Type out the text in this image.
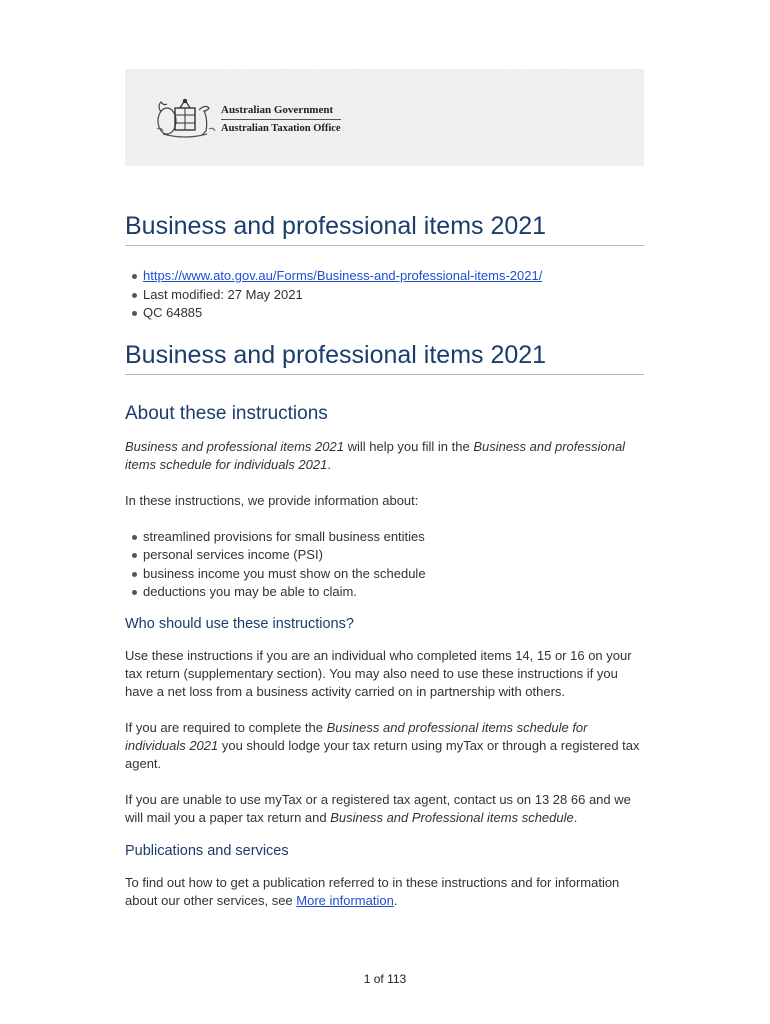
Australian Government
Australian Taxation Office
Business and professional items 2021
https://www.ato.gov.au/Forms/Business-and-professional-items-2021/
Last modified: 27 May 2021
QC 64885
Business and professional items 2021
About these instructions

Business and professional items 2021 will help you fill in the Business and professional items schedule for individuals 2021.

In these instructions, we provide information about:

streamlined provisions for small business entities
personal services income (PSI)
business income you must show on the schedule
deductions you may be able to claim.
Who should use these instructions?

Use these instructions if you are an individual who completed items 14, 15 or 16 on your tax return (supplementary section). You may also need to use these instructions if you have a net loss from a business activity carried on in partnership with others.

If you are required to complete the Business and professional items schedule for individuals 2021 you should lodge your tax return using myTax or through a registered tax agent.

If you are unable to use myTax or a registered tax agent, contact us on 13 28 66 and we will mail you a paper tax return and Business and Professional items schedule.

Publications and services

To find out how to get a publication referred to in these instructions and for information about our other services, see More information.

1 of 113
